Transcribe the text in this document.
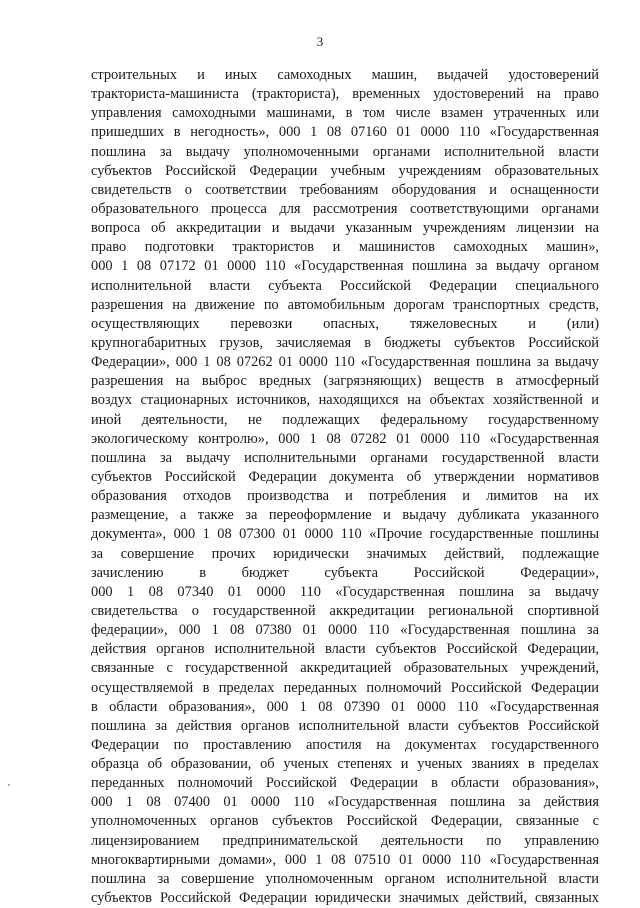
3
строительных и иных самоходных машин, выдачей удостоверений
тракториста-машиниста (тракториста), временных удостоверений на право
управления самоходными машинами, в том числе взамен утраченных или
пришедших в негодность», 000 1 08 07160 01 0000 110 «Государственная
пошлина за выдачу уполномоченными органами исполнительной власти
субъектов Российской Федерации учебным учреждениям образовательных
свидетельств о соответствии требованиям оборудования и оснащенности
образовательного процесса для рассмотрения соответствующими органами
вопроса об аккредитации и выдачи указанным учреждениям лицензии на
право подготовки трактористов и машинистов самоходных машин»,
000 1 08 07172 01 0000 110 «Государственная пошлина за выдачу органом
исполнительной власти субъекта Российской Федерации специального
разрешения на движение по автомобильным дорогам транспортных средств,
осуществляющих перевозки опасных, тяжеловесных и (или)
крупногабаритных грузов, зачисляемая в бюджеты субъектов Российской
Федерации», 000 1 08 07262 01 0000 110 «Государственная пошлина за выдачу
разрешения на выброс вредных (загрязняющих) веществ в атмосферный
воздух стационарных источников, находящихся на объектах хозяйственной и
иной деятельности, не подлежащих федеральному государственному
экологическому контролю», 000 1 08 07282 01 0000 110 «Государственная
пошлина за выдачу исполнительными органами государственной власти
субъектов Российской Федерации документа об утверждении нормативов
образования отходов производства и потребления и лимитов на их
размещение, а также за переоформление и выдачу дубликата указанного
документа», 000 1 08 07300 01 0000 110 «Прочие государственные пошлины
за совершение прочих юридически значимых действий, подлежащие
зачислению в бюджет субъекта Российской Федерации»,
000 1 08 07340 01 0000 110 «Государственная пошлина за выдачу
свидетельства о государственной аккредитации региональной спортивной
федерации», 000 1 08 07380 01 0000 110 «Государственная пошлина за
действия органов исполнительной власти субъектов Российской Федерации,
связанные с государственной аккредитацией образовательных учреждений,
осуществляемой в пределах переданных полномочий Российской Федерации
в области образования», 000 1 08 07390 01 0000 110 «Государственная
пошлина за действия органов исполнительной власти субъектов Российской
Федерации по проставлению апостиля на документах государственного
образца об образовании, об ученых степенях и ученых званиях в пределах
переданных полномочий Российской Федерации в области образования»,
000 1 08 07400 01 0000 110 «Государственная пошлина за действия
уполномоченных органов субъектов Российской Федерации, связанные с
лицензированием предпринимательской деятельности по управлению
многоквартирными домами», 000 1 08 07510 01 0000 110 «Государственная
пошлина за совершение уполномоченным органом исполнительной власти
субъектов Российской Федерации юридически значимых действий, связанных
